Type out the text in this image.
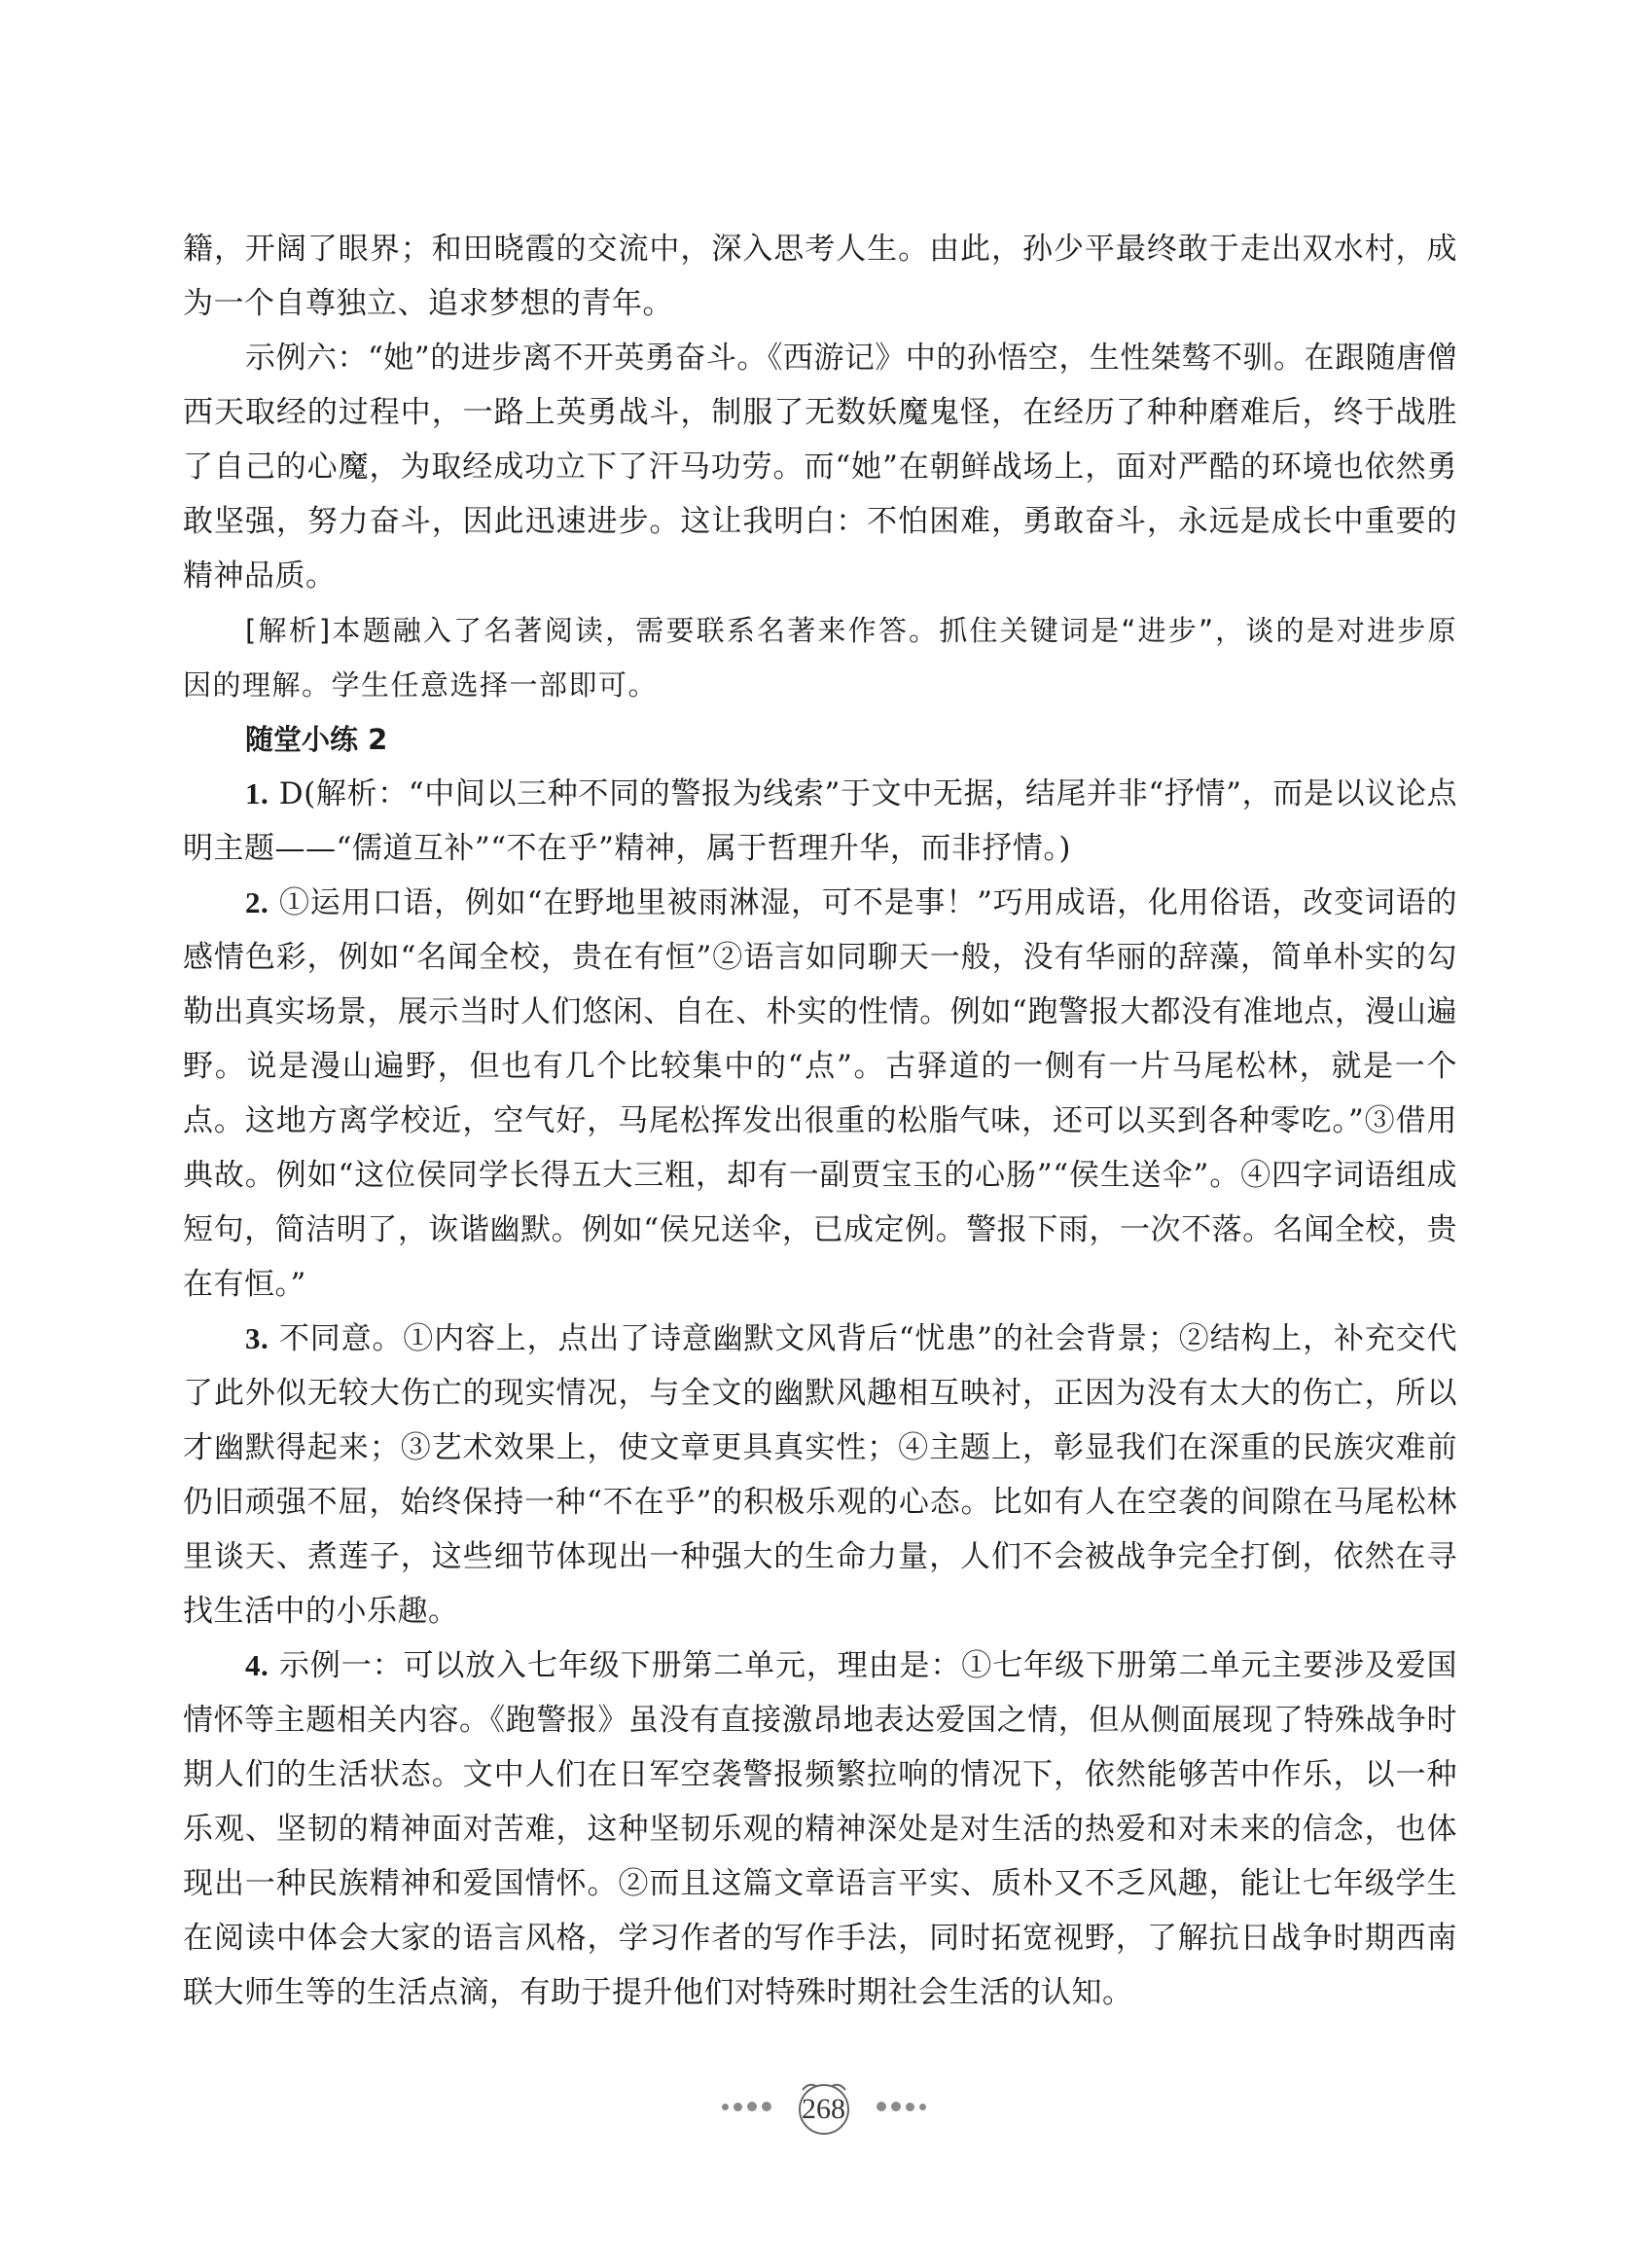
籍，开阔了眼界；和田晓霞的交流中，深入思考人生。由此，孙少平最终敢于走出双水村，成为一个自尊独立、追求梦想的青年。

示例六：“她”的进步离不开英勇奋斗。《西游记》中的孙悟空，生性桀骜不驯。在跟随唐僧西天取经的过程中，一路上英勇战斗，制服了无数妖魔鬼怪，在经历了种种磨难后，终于战胜了自己的心魔，为取经成功立下了汗马功劳。而“她”在朝鲜战场上，面对严酷的环境也依然勇敢坚强，努力奋斗，因此迅速进步。这让我明白：不怕困难，勇敢奋斗，永远是成长中重要的精神品质。

[解析]本题融入了名著阅读，需要联系名著来作答。抓住关键词是“进步”，谈的是对进步原因的理解。学生任意选择一部即可。

随堂小练 2

1. D(解析：“中间以三种不同的警报为线索”于文中无据，结尾并非“抒情”，而是以议论点明主题——“儒道互补”“不在乎”精神，属于哲理升华，而非抒情。)

2. ①运用口语，例如“在野地里被雨淋湿，可不是事！”巧用成语，化用俗语，改变词语的感情色彩，例如“名闻全校，贵在有恒”②语言如同聊天一般，没有华丽的辞藻，简单朴实的勾勒出真实场景，展示当时人们悠闲、自在、朴实的性情。例如“跑警报大都没有准地点，漫山遍野。说是漫山遍野，但也有几个比较集中的“点”。古驿道的一侧有一片马尾松林，就是一个点。这地方离学校近，空气好，马尾松挥发出很重的松脂气味，还可以买到各种零吃。”③借用典故。例如“这位侯同学长得五大三粗，却有一副贾宝玉的心肠”“侯生送伞”。④四字词语组成短句，简洁明了，诙谐幽默。例如“侯兄送伞，已成定例。警报下雨，一次不落。名闻全校，贵在有恒。”

3. 不同意。①内容上，点出了诗意幽默文风背后“忧患”的社会背景；②结构上，补充交代了此外似无较大伤亡的现实情况，与全文的幽默风趣相互映衬，正因为没有太大的伤亡，所以才幽默得起来；③艺术效果上，使文章更具真实性；④主题上，彰显我们在深重的民族灾难前仍旧顽强不屈，始终保持一种“不在乎”的积极乐观的心态。比如有人在空袭的间隙在马尾松林里谈天、煮莲子，这些细节体现出一种强大的生命力量，人们不会被战争完全打倒，依然在寻找生活中的小乐趣。

4. 示例一：可以放入七年级下册第二单元，理由是：①七年级下册第二单元主要涉及爱国情怀等主题相关内容。《跑警报》虽没有直接激昂地表达爱国之情，但从侧面展现了特殊战争时期人们的生活状态。文中人们在日军空袭警报频繁拉响的情况下，依然能够苦中作乐，以一种乐观、坚韧的精神面对苦难，这种坚韧乐观的精神深处是对生活的热爱和对未来的信念，也体现出一种民族精神和爱国情怀。②而且这篇文章语言平实、质朴又不乏风趣，能让七年级学生在阅读中体会大家的语言风格，学习作者的写作手法，同时拓宽视野，了解抗日战争时期西南联大师生等的生活点滴，有助于提升他们对特殊时期社会生活的认知。

268
